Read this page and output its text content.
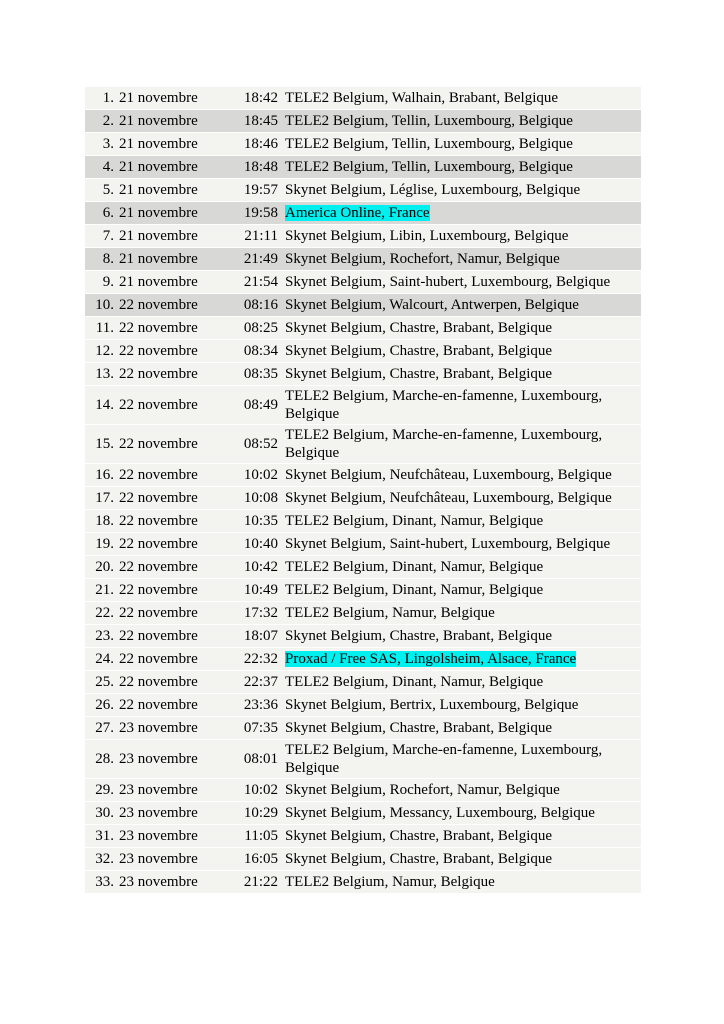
1.	21 novembre	18:42	TELE2 Belgium, Walhain, Brabant, Belgique
2.	21 novembre	18:45	TELE2 Belgium, Tellin, Luxembourg, Belgique
3.	21 novembre	18:46	TELE2 Belgium, Tellin, Luxembourg, Belgique
4.	21 novembre	18:48	TELE2 Belgium, Tellin, Luxembourg, Belgique
5.	21 novembre	19:57	Skynet Belgium, Léglise, Luxembourg, Belgique
6.	21 novembre	19:58	America Online, France
7.	21 novembre	21:11	Skynet Belgium, Libin, Luxembourg, Belgique
8.	21 novembre	21:49	Skynet Belgium, Rochefort, Namur, Belgique
9.	21 novembre	21:54	Skynet Belgium, Saint-hubert, Luxembourg, Belgique
10.	22 novembre	08:16	Skynet Belgium, Walcourt, Antwerpen, Belgique
11.	22 novembre	08:25	Skynet Belgium, Chastre, Brabant, Belgique
12.	22 novembre	08:34	Skynet Belgium, Chastre, Brabant, Belgique
13.	22 novembre	08:35	Skynet Belgium, Chastre, Brabant, Belgique
14.	22 novembre	08:49	TELE2 Belgium, Marche-en-famenne, Luxembourg, Belgique
15.	22 novembre	08:52	TELE2 Belgium, Marche-en-famenne, Luxembourg, Belgique
16.	22 novembre	10:02	Skynet Belgium, Neufchâteau, Luxembourg, Belgique
17.	22 novembre	10:08	Skynet Belgium, Neufchâteau, Luxembourg, Belgique
18.	22 novembre	10:35	TELE2 Belgium, Dinant, Namur, Belgique
19.	22 novembre	10:40	Skynet Belgium, Saint-hubert, Luxembourg, Belgique
20.	22 novembre	10:42	TELE2 Belgium, Dinant, Namur, Belgique
21.	22 novembre	10:49	TELE2 Belgium, Dinant, Namur, Belgique
22.	22 novembre	17:32	TELE2 Belgium, Namur, Belgique
23.	22 novembre	18:07	Skynet Belgium, Chastre, Brabant, Belgique
24.	22 novembre	22:32	Proxad / Free SAS, Lingolsheim, Alsace, France
25.	22 novembre	22:37	TELE2 Belgium, Dinant, Namur, Belgique
26.	22 novembre	23:36	Skynet Belgium, Bertrix, Luxembourg, Belgique
27.	23 novembre	07:35	Skynet Belgium, Chastre, Brabant, Belgique
28.	23 novembre	08:01	TELE2 Belgium, Marche-en-famenne, Luxembourg, Belgique
29.	23 novembre	10:02	Skynet Belgium, Rochefort, Namur, Belgique
30.	23 novembre	10:29	Skynet Belgium, Messancy, Luxembourg, Belgique
31.	23 novembre	11:05	Skynet Belgium, Chastre, Brabant, Belgique
32.	23 novembre	16:05	Skynet Belgium, Chastre, Brabant, Belgique
33.	23 novembre	21:22	TELE2 Belgium, Namur, Belgique
